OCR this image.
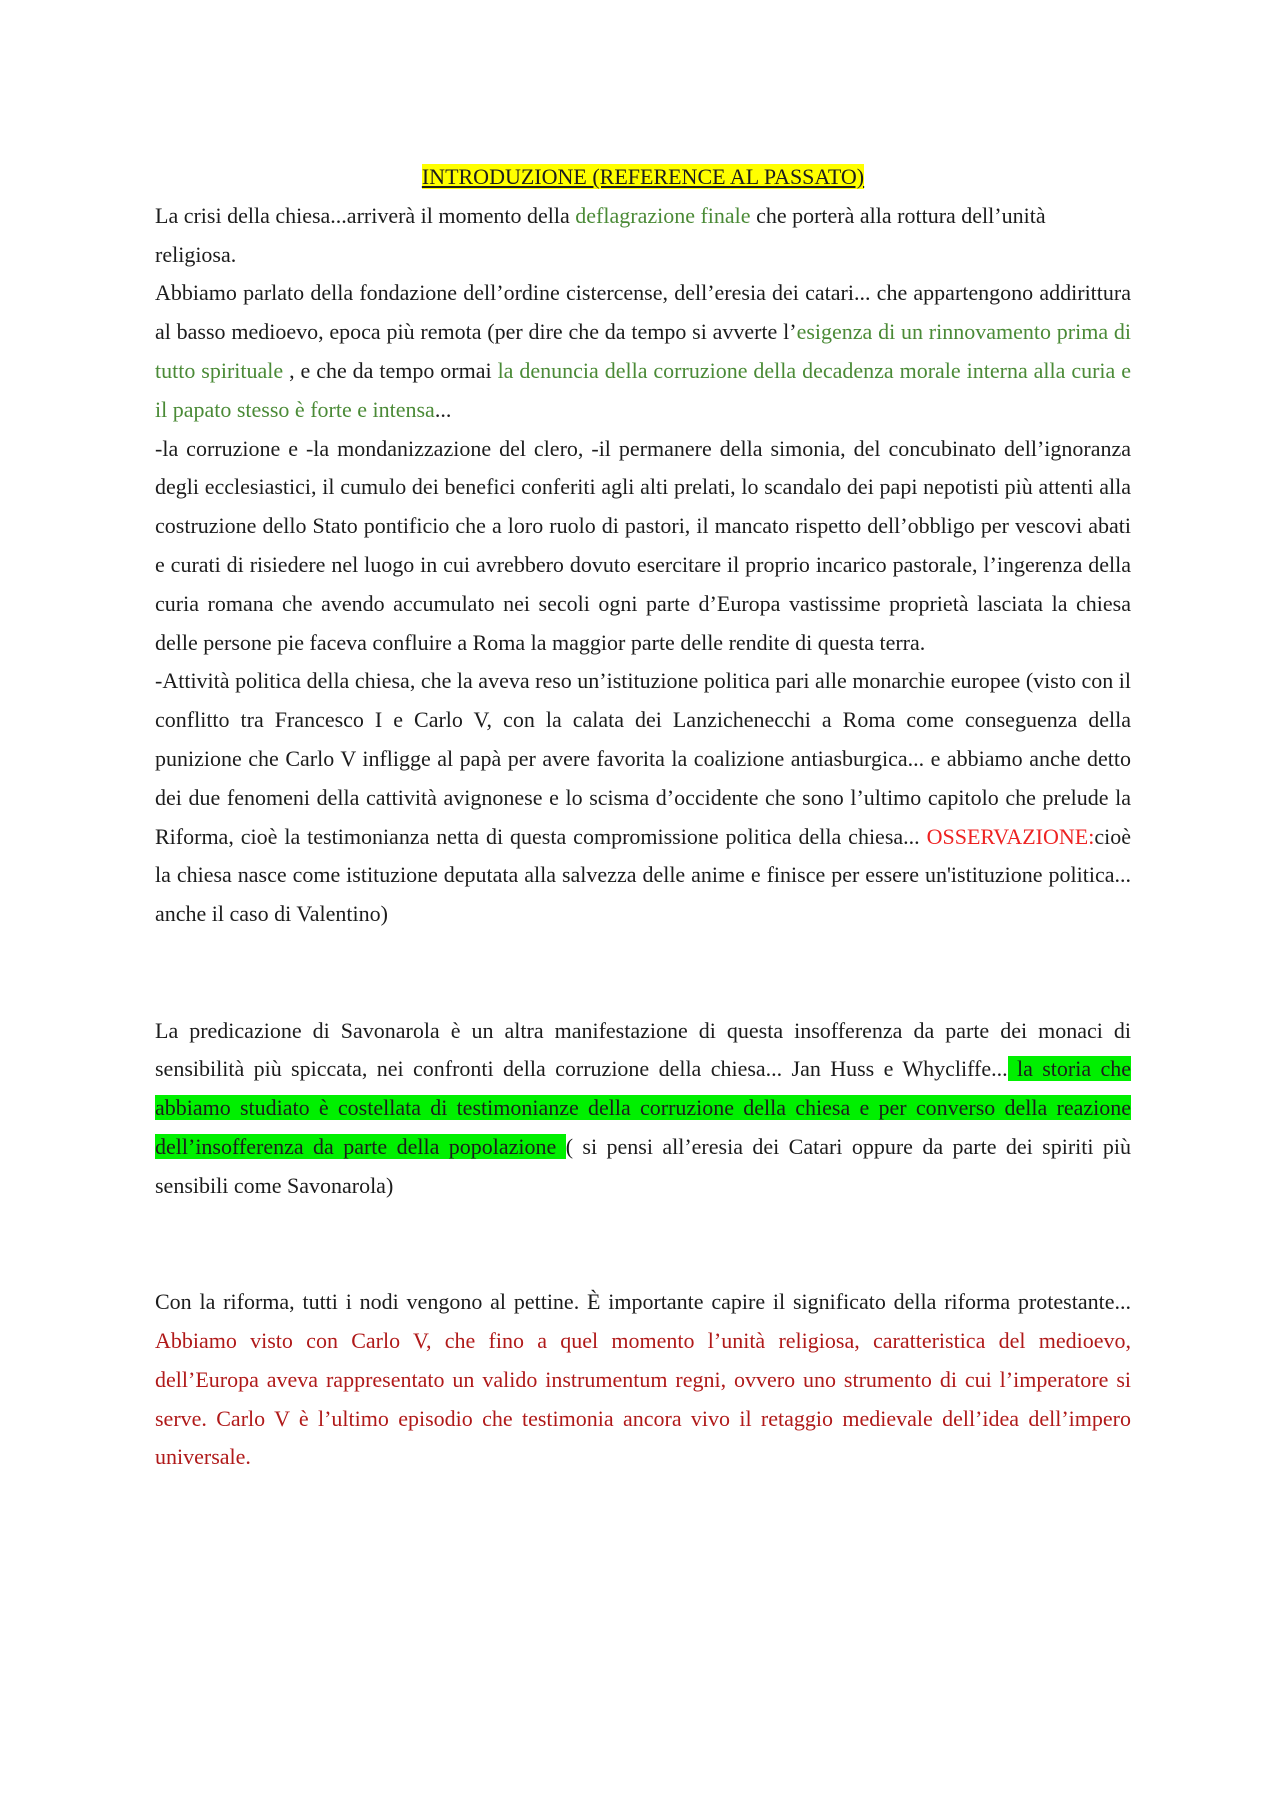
INTRODUZIONE (REFERENCE AL PASSATO)

La crisi della chiesa...arriverà il momento della deflagrazione finale che porterà alla rottura dell’unità religiosa.

Abbiamo parlato della fondazione dell’ordine cistercense, dell’eresia dei catari... che appartengono addirittura al basso medioevo, epoca più remota (per dire che da tempo si avverte l’esigenza di un rinnovamento prima di tutto spirituale , e che da tempo ormai la denuncia della corruzione della decadenza morale interna alla curia e il papato stesso è forte e intensa...

-la corruzione e -la mondanizzazione del clero, -il permanere della simonia, del concubinato dell’ignoranza degli ecclesiastici, il cumulo dei benefici conferiti agli alti prelati, lo scandalo dei papi nepotisti più attenti alla costruzione dello Stato pontificio che a loro ruolo di pastori, il mancato rispetto dell’obbligo per vescovi abati e curati di risiedere nel luogo in cui avrebbero dovuto esercitare il proprio incarico pastorale, l’ingerenza della curia romana che avendo accumulato nei secoli ogni parte d’Europa vastissime proprietà lasciata la chiesa delle persone pie faceva confluire a Roma la maggior parte delle rendite di questa terra.

-Attività politica della chiesa, che la aveva reso un’istituzione politica pari alle monarchie europee (visto con il conflitto tra Francesco I e Carlo V, con la calata dei Lanzichenecchi a Roma come conseguenza della punizione che Carlo V infligge al papà per avere favorita la coalizione antiasburgica... e abbiamo anche detto dei due fenomeni della cattività avignonese e lo scisma d’occidente che sono l’ultimo capitolo che prelude la Riforma, cioè la testimonianza netta di questa compromissione politica della chiesa... OSSERVAZIONE:cioè la chiesa nasce come istituzione deputata alla salvezza delle anime e finisce per essere un'istituzione politica... anche il caso di Valentino)

La predicazione di Savonarola è un altra manifestazione di questa insofferenza da parte dei monaci di sensibilità più spiccata, nei confronti della corruzione della chiesa... Jan Huss e Whycliffe... la storia che abbiamo studiato è costellata di testimonianze della corruzione della chiesa e per converso della reazione dell’insofferenza da parte della popolazione ( si pensi all’eresia dei Catari oppure da parte dei spiriti più sensibili come Savonarola)

Con la riforma, tutti i nodi vengono al pettine. È importante capire il significato della riforma protestante... Abbiamo visto con Carlo V, che fino a quel momento l’unità religiosa, caratteristica del medioevo, dell’Europa aveva rappresentato un valido instrumentum regni, ovvero uno strumento di cui l’imperatore si serve. Carlo V è l’ultimo episodio che testimonia ancora vivo il retaggio medievale dell’idea dell’impero universale.
